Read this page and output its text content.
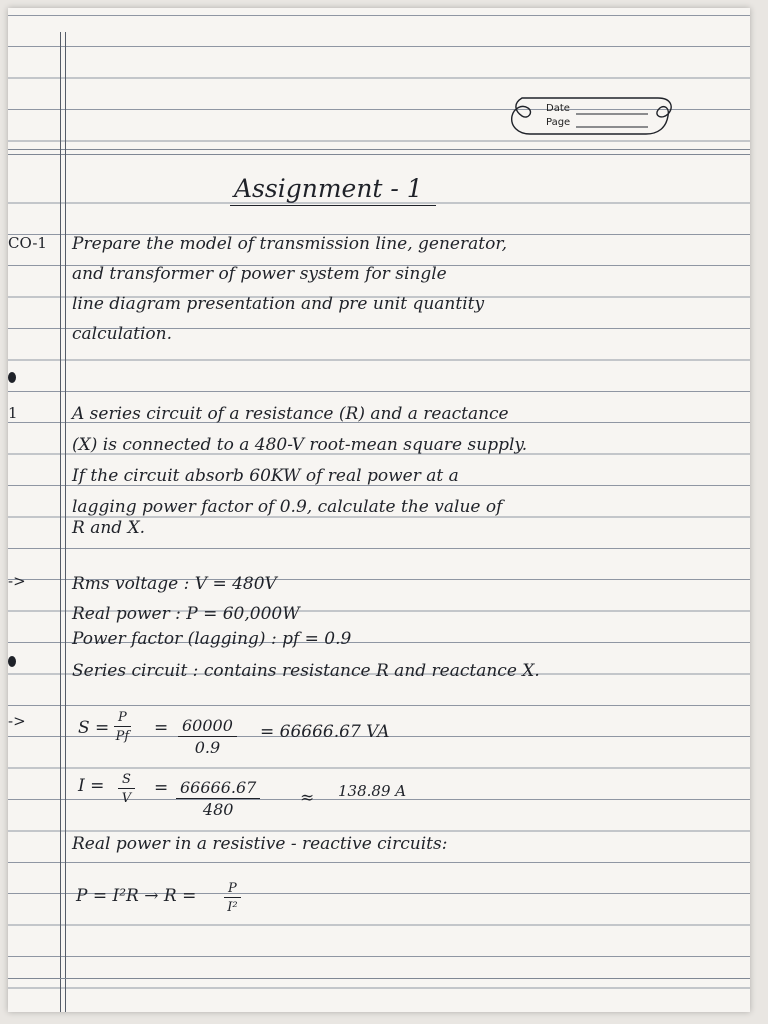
Date
Page
Assignment - 1
CO-1 Prepare the model of transmission line, generator,
and transformer of power system for single
line diagram presentation and pre unit quantity
calculation.
1	A series circuit of a resistance (R) and a reactance
(X) is connected to a 480-V root-mean square supply.
If the circuit absorb 60KW of real power at a
lagging power factor of 0.9, calculate the value of
R and X.
->	Rms voltage : V = 480V
Real power : P = 60,000W
Power factor (lagging) : pf = 0.9
Series circuit : contains resistance R and reactance X.
->	$S = \frac{P}{Pf} = \frac{60000}{0.9} = 66666.67$ VA
$I = \frac{S}{V} = \frac{66666.67}{480} \approx 138.89$ A
Real power in a resistive - reactive circuits:
$P = I^2R \to R = \frac{P}{\text{I²}}$
